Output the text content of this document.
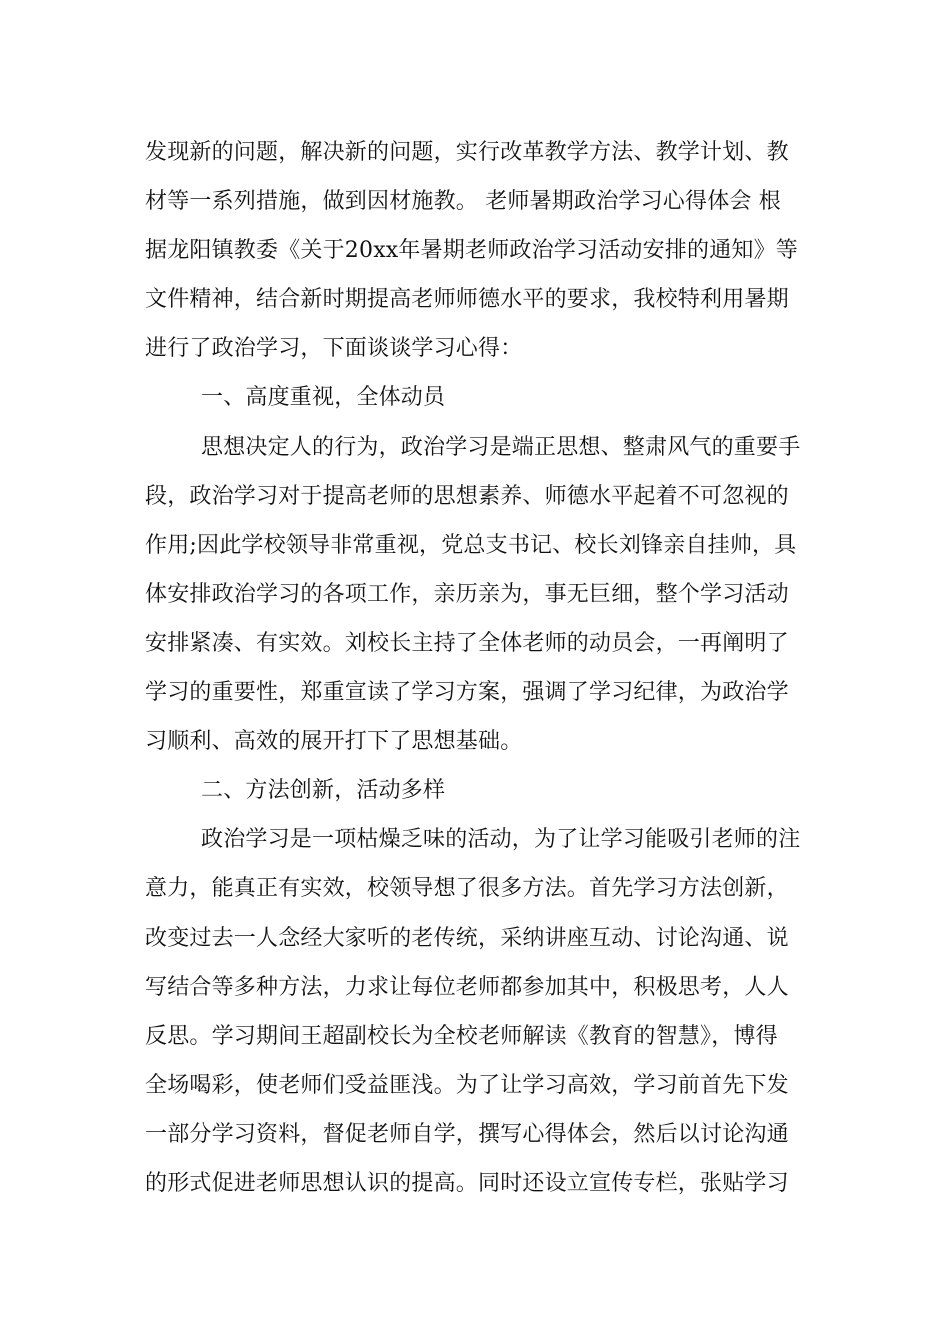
发现新的问题，解决新的问题，实行改革教学方法、教学计划、教
材等一系列措施，做到因材施教。 老师暑期政治学习心得体会 根
据龙阳镇教委《关于20xx年暑期老师政治学习活动安排的通知》等
文件精神，结合新时期提高老师师德水平的要求，我校特利用暑期
进行了政治学习，下面谈谈学习心得：
一、高度重视，全体动员
思想决定人的行为，政治学习是端正思想、整肃风气的重要手
段，政治学习对于提高老师的思想素养、师德水平起着不可忽视的
作用;因此学校领导非常重视，党总支书记、校长刘锋亲自挂帅，具
体安排政治学习的各项工作，亲历亲为，事无巨细，整个学习活动
安排紧凑、有实效。刘校长主持了全体老师的动员会，一再阐明了
学习的重要性，郑重宣读了学习方案，强调了学习纪律，为政治学
习顺利、高效的展开打下了思想基础。
二、方法创新，活动多样
政治学习是一项枯燥乏味的活动，为了让学习能吸引老师的注
意力，能真正有实效，校领导想了很多方法。首先学习方法创新，
改变过去一人念经大家听的老传统，采纳讲座互动、讨论沟通、说
写结合等多种方法，力求让每位老师都参加其中，积极思考，人人
反思。学习期间王超副校长为全校老师解读《教育的智慧》，博得
全场喝彩，使老师们受益匪浅。为了让学习高效，学习前首先下发
一部分学习资料，督促老师自学，撰写心得体会，然后以讨论沟通
的形式促进老师思想认识的提高。同时还设立宣传专栏，张贴学习
